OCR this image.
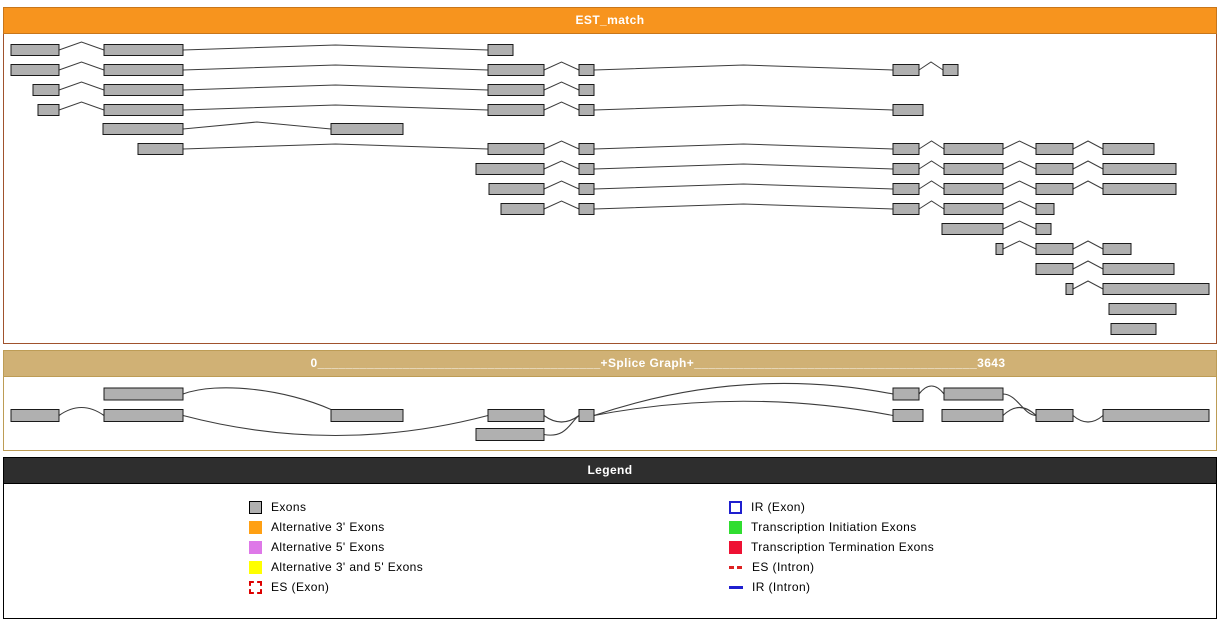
EST_match
0________________________________________+Splice Graph+________________________________________3643
Legend
Exons
Alternative 3' Exons
Alternative 5' Exons
Alternative 3' and 5' Exons
ES (Exon)
IR (Exon)
Transcription Initiation Exons
Transcription Termination Exons
ES (Intron)
IR (Intron)
